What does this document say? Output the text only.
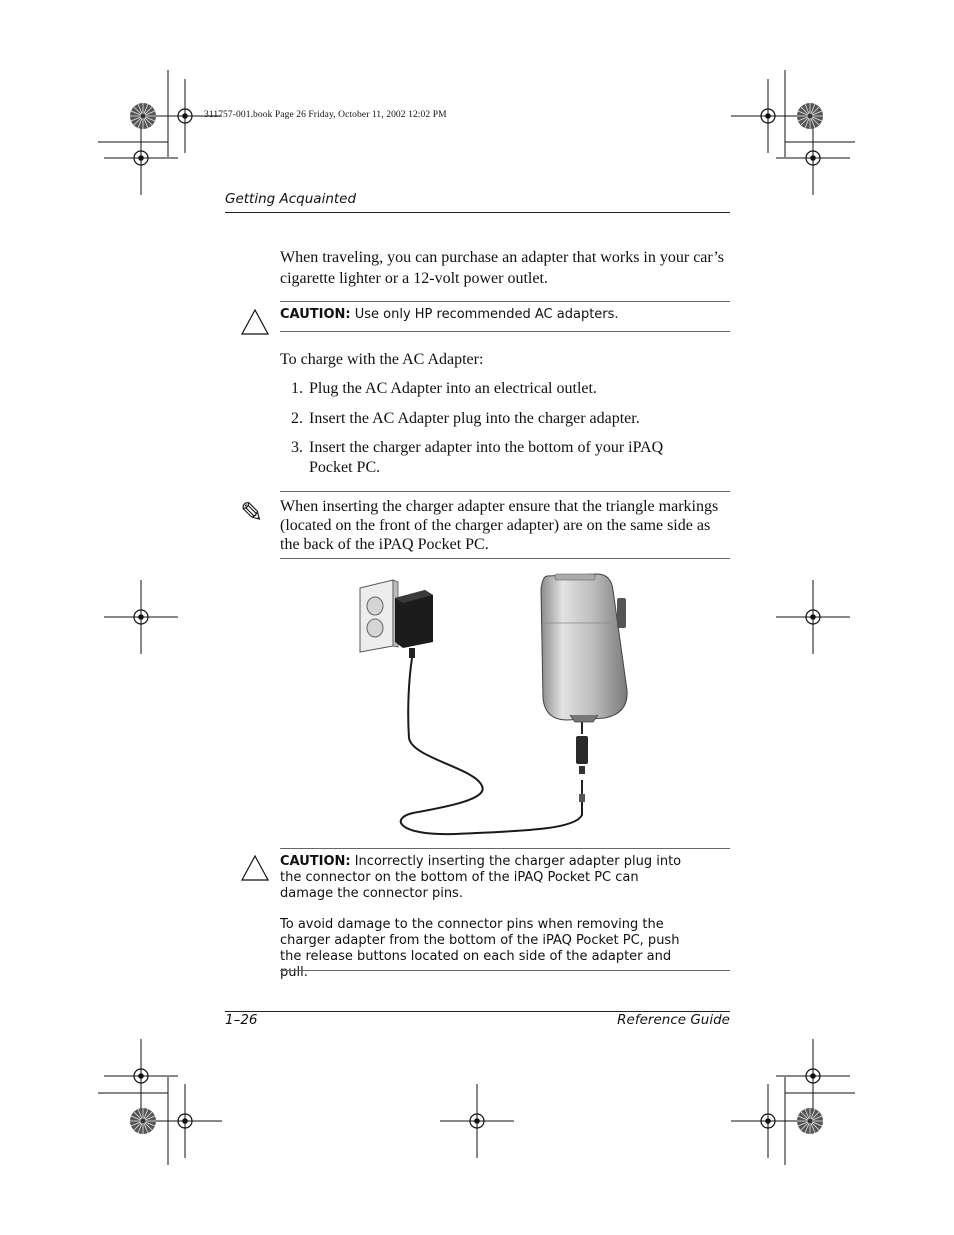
311757-001.book Page 26 Friday, October 11, 2002 12:02 PM
Getting Acquainted
When traveling, you can purchase an adapter that works in your car’s cigarette lighter or a 12-volt power outlet.
CAUTION: Use only HP recommended AC adapters.
To charge with the AC Adapter:
1. Plug the AC Adapter into an electrical outlet.
2. Insert the AC Adapter plug into the charger adapter.
3. Insert the charger adapter into the bottom of your iPAQ
Pocket PC.
✎ When inserting the charger adapter ensure that the triangle markings (located on the front of the charger adapter) are on the same side as the back of the iPAQ Pocket PC.
CAUTION: Incorrectly inserting the charger adapter plug into the connector on the bottom of the iPAQ Pocket PC can damage the connector pins.
To avoid damage to the connector pins when removing the charger adapter from the bottom of the iPAQ Pocket PC, push the release buttons located on each side of the adapter and pull.
1–26	Reference Guide
